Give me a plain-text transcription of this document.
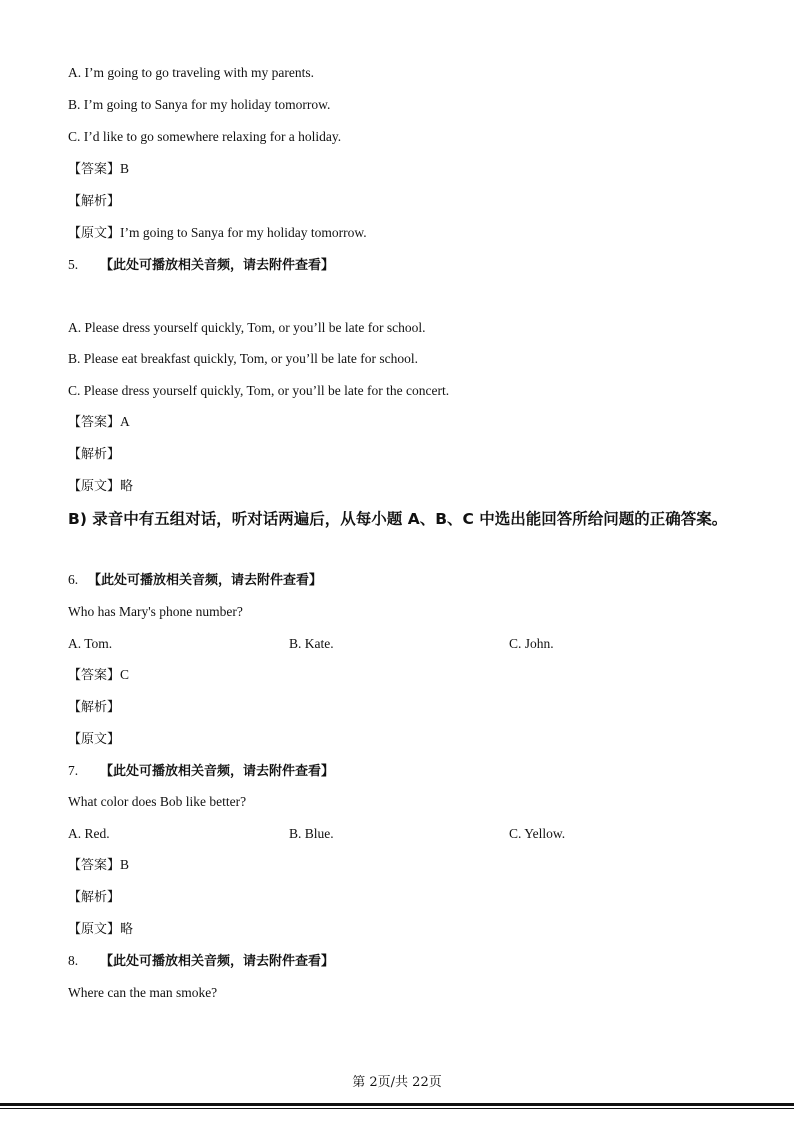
A. I’m going to go traveling with my parents.
B. I’m going to Sanya for my holiday tomorrow.
C. I’d like to go somewhere relaxing for a holiday.
【答案】B
【解析】
【原文】I’m going to Sanya for my holiday tomorrow.
5. 【此处可播放相关音频，请去附件查看】
A. Please dress yourself quickly, Tom, or you’ll be late for school.
B. Please eat breakfast quickly, Tom, or you’ll be late for school.
C. Please dress yourself quickly, Tom, or you’ll be late for the concert.
【答案】A
【解析】
【原文】略
B) 录音中有五组对话，听对话两遍后，从每小题 A、B、C 中选出能回答所给问题的正确答案。
6. 【此处可播放相关音频，请去附件查看】
Who has Mary's phone number?
A. Tom.	B. Kate.	C. John.
【答案】C
【解析】
【原文】
7. 【此处可播放相关音频，请去附件查看】
What color does Bob like better?
A. Red.	B. Blue.	C. Yellow.
【答案】B
【解析】
【原文】略
8. 【此处可播放相关音频，请去附件查看】
Where can the man smoke?
第 2页/共 22页
